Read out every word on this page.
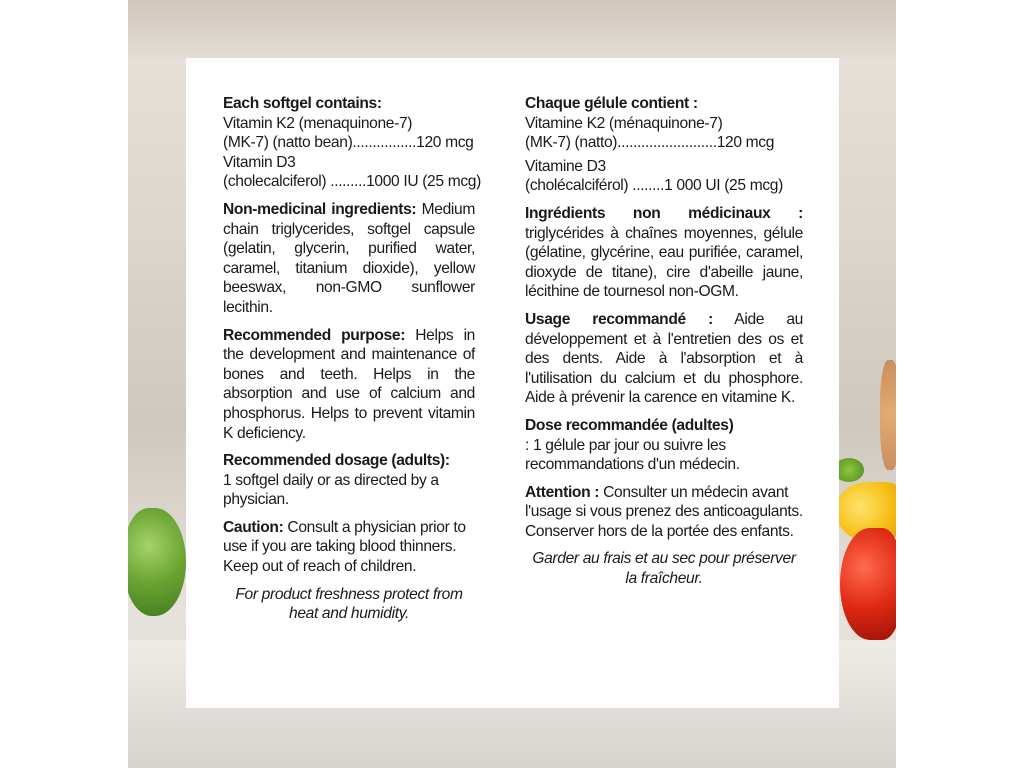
Each softgel contains:
Vitamin K2 (menaquinone-7)
(MK-7) (natto bean)................120 mcg
Vitamin D3
(cholecalciferol) .........1000 IU (25 mcg)

Non-medicinal ingredients: Medium chain triglycerides, softgel capsule (gelatin, glycerin, purified water, caramel, titanium dioxide), yellow beeswax, non-GMO sunflower lecithin.

Recommended purpose: Helps in the development and maintenance of bones and teeth. Helps in the absorption and use of calcium and phosphorus. Helps to prevent vitamin K deficiency.

Recommended dosage (adults):
1 softgel daily or as directed by a physician.

Caution: Consult a physician prior to use if you are taking blood thinners. Keep out of reach of children.

For product freshness protect from heat and humidity.

Chaque gélule contient :
Vitamine K2 (ménaquinone-7)
(MK-7) (natto).........................120 mcg
Vitamine D3
(cholécalciférol) ........1 000 UI (25 mcg)

Ingrédients non médicinaux : triglycérides à chaînes moyennes, gélule (gélatine, glycérine, eau purifiée, caramel, dioxyde de titane), cire d'abeille jaune, lécithine de tournesol non-OGM.

Usage recommandé : Aide au développement et à l'entretien des os et des dents. Aide à l'absorption et à l'utilisation du calcium et du phosphore. Aide à prévenir la carence en vitamine K.

Dose recommandée (adultes)
: 1 gélule par jour ou suivre les recommandations d'un médecin.

Attention : Consulter un médecin avant l'usage si vous prenez des anticoagulants. Conserver hors de la portée des enfants.

Garder au frais et au sec pour préserver la fraîcheur.
